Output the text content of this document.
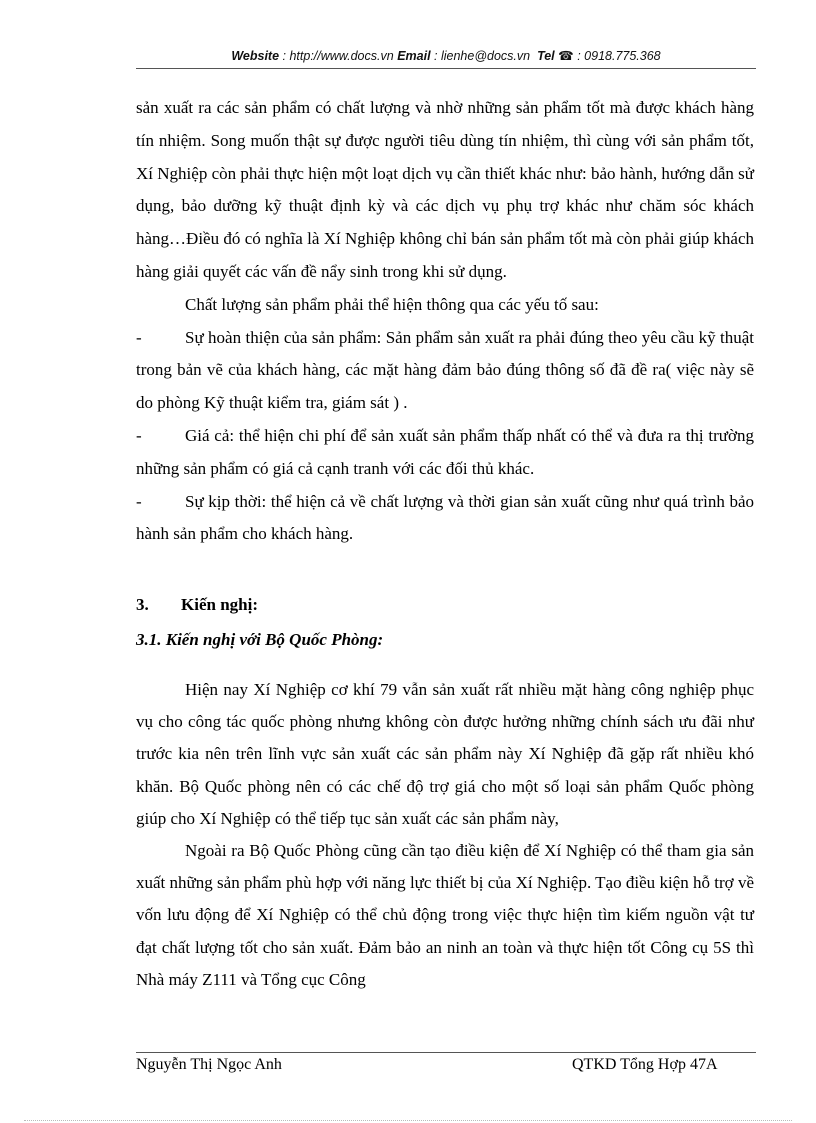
Website : http://www.docs.vn Email : lienhe@docs.vn Tel ☎ : 0918.775.368

sản xuất ra các sản phẩm có chất lượng và nhờ những sản phẩm tốt mà được khách hàng tín nhiệm. Song muốn thật sự được người tiêu dùng tín nhiệm, thì cùng với sản phẩm tốt, Xí Nghiệp còn phải thực hiện một loạt dịch vụ cần thiết khác như: bảo hành, hướng dẫn sử dụng, bảo dưỡng kỹ thuật định kỳ và các dịch vụ phụ trợ khác như chăm sóc khách hàng…Điều đó có nghĩa là Xí Nghiệp không chỉ bán sản phẩm tốt mà còn phải giúp khách hàng giải quyết các vấn đề nẩy sinh trong khi sử dụng.

Chất lượng sản phẩm phải thể hiện thông qua các yếu tố sau:

-	Sự hoàn thiện của sản phẩm: Sản phẩm sản xuất ra phải đúng theo yêu cầu kỹ thuật trong bản vẽ của khách hàng, các mặt hàng đảm bảo đúng thông số đã đề ra( việc này sẽ do phòng Kỹ thuật kiểm tra, giám sát ) .

-	Giá cả: thể hiện chi phí để sản xuất sản phẩm thấp nhất có thể và đưa ra thị trường những sản phẩm có giá cả cạnh tranh với các đối thủ khác.

-	Sự kịp thời: thể hiện cả về chất lượng và thời gian sản xuất cũng như quá trình bảo hành sản phẩm cho khách hàng.

3. Kiến nghị:
3.1. Kiến nghị với Bộ Quốc Phòng:

Hiện nay Xí Nghiệp cơ khí 79 vẫn sản xuất rất nhiều mặt hàng công nghiệp phục vụ cho công tác quốc phòng nhưng không còn được hưởng những chính sách ưu đãi như trước kia nên trên lĩnh vực sản xuất các sản phẩm này Xí Nghiệp đã gặp rất nhiều khó khăn. Bộ Quốc phòng nên có các chế độ trợ giá cho một số loại sản phẩm Quốc phòng giúp cho Xí Nghiệp có thể tiếp tục sản xuất các sản phẩm này,

Ngoài ra Bộ Quốc Phòng cũng cần tạo điều kiện để Xí Nghiệp có thể tham gia sản xuất những sản phẩm phù hợp với năng lực thiết bị của Xí Nghiệp. Tạo điều kiện hỗ trợ về vốn lưu động để Xí Nghiệp có thể chủ động trong việc thực hiện tìm kiếm nguồn vật tư đạt chất lượng tốt cho sản xuất. Đảm bảo an ninh an toàn và thực hiện tốt Công cụ 5S thì Nhà máy Z111 và Tổng cục Công

Nguyễn Thị Ngọc Anh	QTKD Tổng Hợp 47A
